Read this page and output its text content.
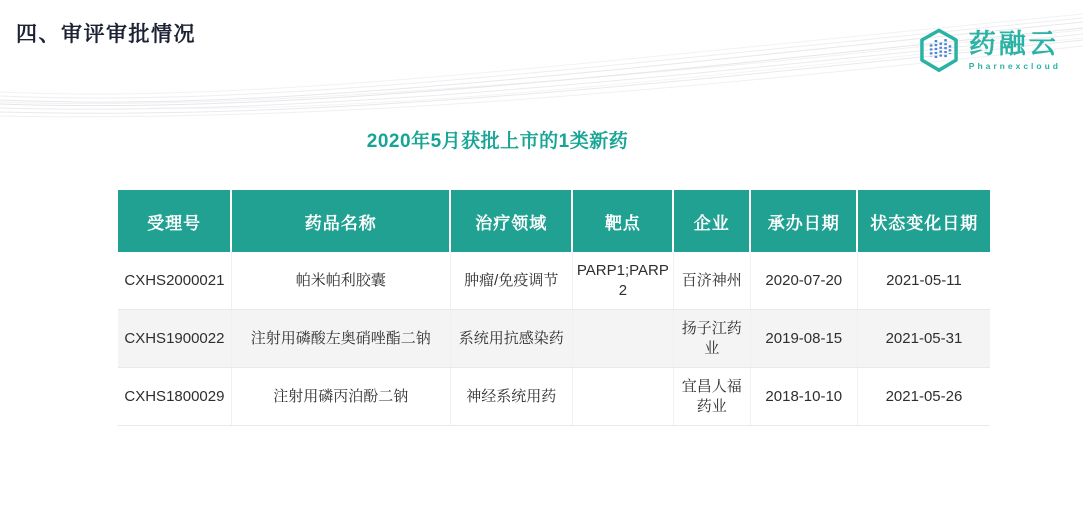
四、审评审批情况	药融云
Pharnexcloud
2020年5月获批上市的1类新药
受理号	药品名称	治疗领域	靶点	企业	承办日期	状态变化日期
CXHS2000021	帕米帕利胶囊	肿瘤/免疫调节	PARP1;PARP2	百济神州	2020-07-20	2021-05-11
CXHS1900022	注射用磷酸左奥硝唑酯二钠	系统用抗感染药		扬子江药业	2019-08-15	2021-05-31
CXHS1800029	注射用磷丙泊酚二钠	神经系统用药		宜昌人福药业	2018-10-10	2021-05-26
